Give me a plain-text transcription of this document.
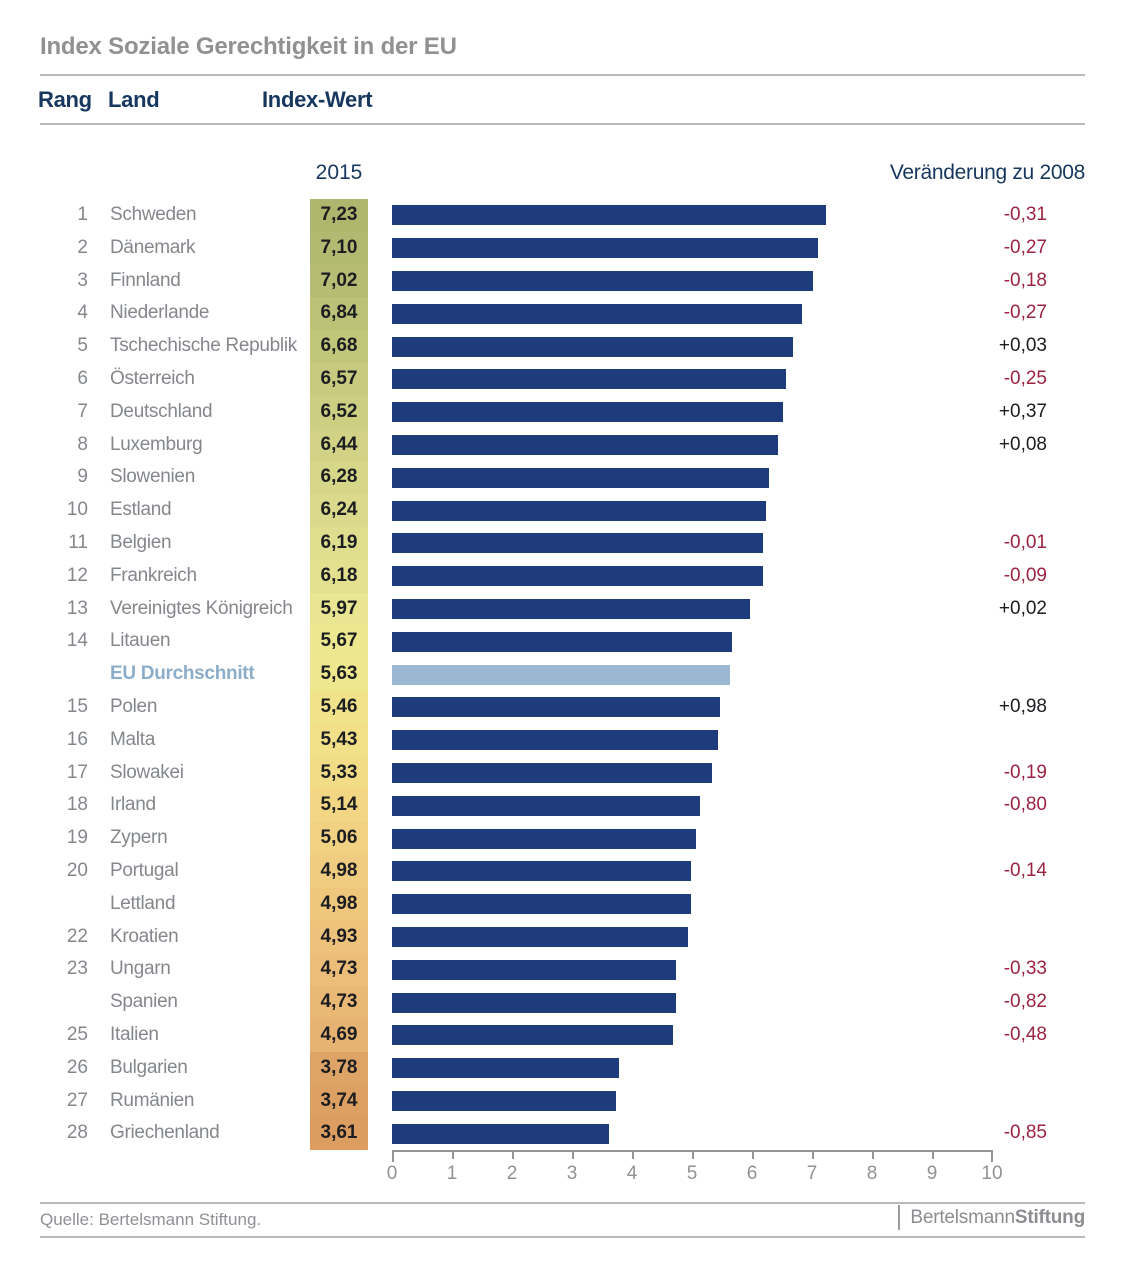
Index Soziale Gerechtigkeit in der EU
Rang Land	Index-Wert
2015	Veränderung zu 2008
1 Schweden	7,23	-0,31
2 Dänemark	7,10	-0,27
3 Finnland	7,02	-0,18
4 Niederlande	6,84	-0,27
5 Tschechische Republik	6,68	+0,03
6 Österreich	6,57	-0,25
7 Deutschland	6,52	+0,37
8 Luxemburg	6,44	+0,08
9 Slowenien	6,28
10 Estland	6,24
11 Belgien	6,19	-0,01
12 Frankreich	6,18	-0,09
13 Vereinigtes Königreich	5,97	+0,02
14 Litauen	5,67
EU Durchschnitt	5,63
15 Polen	5,46	+0,98
16 Malta	5,43
17 Slowakei	5,33	-0,19
18 Irland	5,14	-0,80
19 Zypern	5,06
20 Portugal	4,98	-0,14
Lettland	4,98
22 Kroatien	4,93
23 Ungarn	4,73	-0,33
Spanien	4,73	-0,82
25 Italien	4,69	-0,48
26 Bulgarien	3,78
27 Rumänien	3,74
28 Griechenland	3,61	-0,85
0	1	2	3	4	5	6	7	8	9 10
Quelle: Bertelsmann Stiftung.	Bertelsmann Stiftung
